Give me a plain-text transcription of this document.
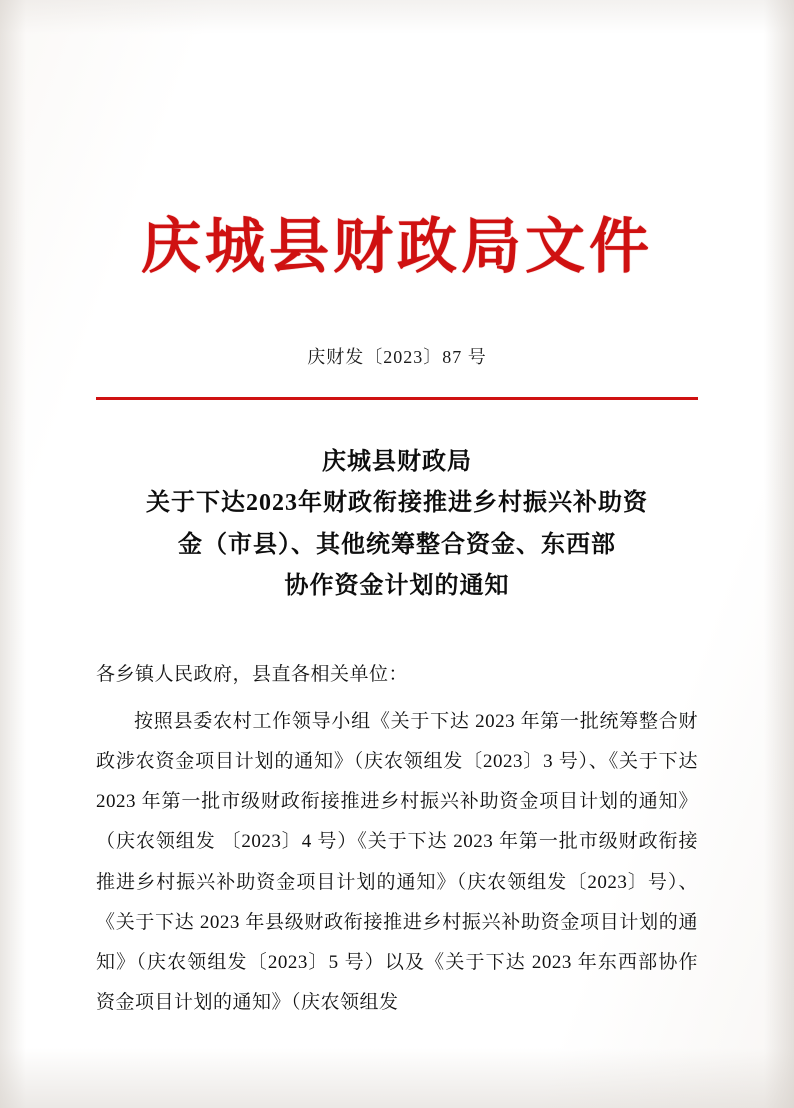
庆城县财政局文件
庆财发〔2023〕87 号
庆城县财政局
关于下达2023年财政衔接推进乡村振兴补助资
金（市县）、其他统筹整合资金、东西部
协作资金计划的通知

各乡镇人民政府，县直各相关单位：

按照县委农村工作领导小组《关于下达 2023 年第一批统筹整合财政涉农资金项目计划的通知》（庆农领组发〔2023〕3 号）、《关于下达 2023 年第一批市级财政衔接推进乡村振兴补助资金项目计划的通知》（庆农领组发 〔2023〕4 号）《关于下达 2023 年第一批市级财政衔接推进乡村振兴补助资金项目计划的通知》（庆农领组发〔2023〕号）、《关于下达 2023 年县级财政衔接推进乡村振兴补助资金项目计划的通知》（庆农领组发〔2023〕5 号）以及《关于下达 2023 年东西部协作资金项目计划的通知》（庆农领组发
